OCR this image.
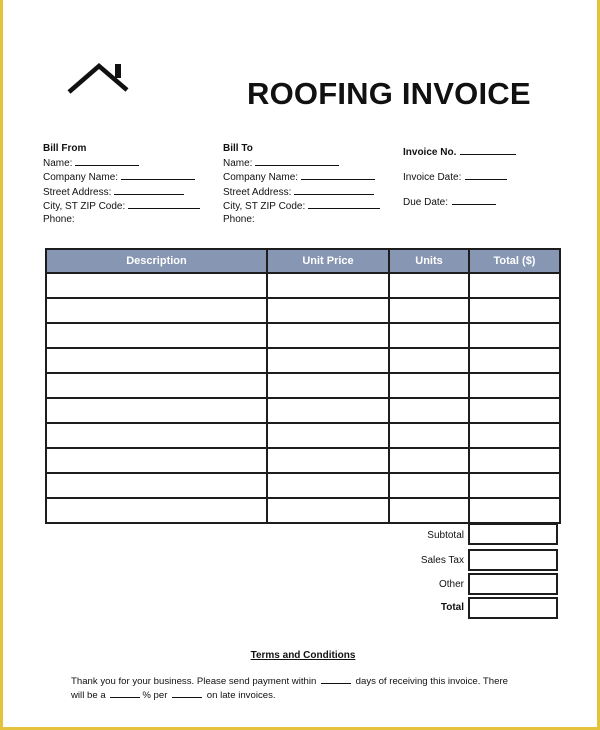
ROOFING INVOICE
Bill From
Name:
Company Name:
Street Address:
City, ST ZIP Code:
Phone:
Bill To
Name:
Company Name:
Street Address:
City, ST ZIP Code:
Phone:
Invoice No.
Invoice Date:
Due Date:
Description	Unit Price	Units	Total ($)

Subtotal
Sales Tax
Other
Total
Terms and Conditions
Thank you for your business. Please send payment within	days of receiving this invoice. There
will be a	% per	on late invoices.
